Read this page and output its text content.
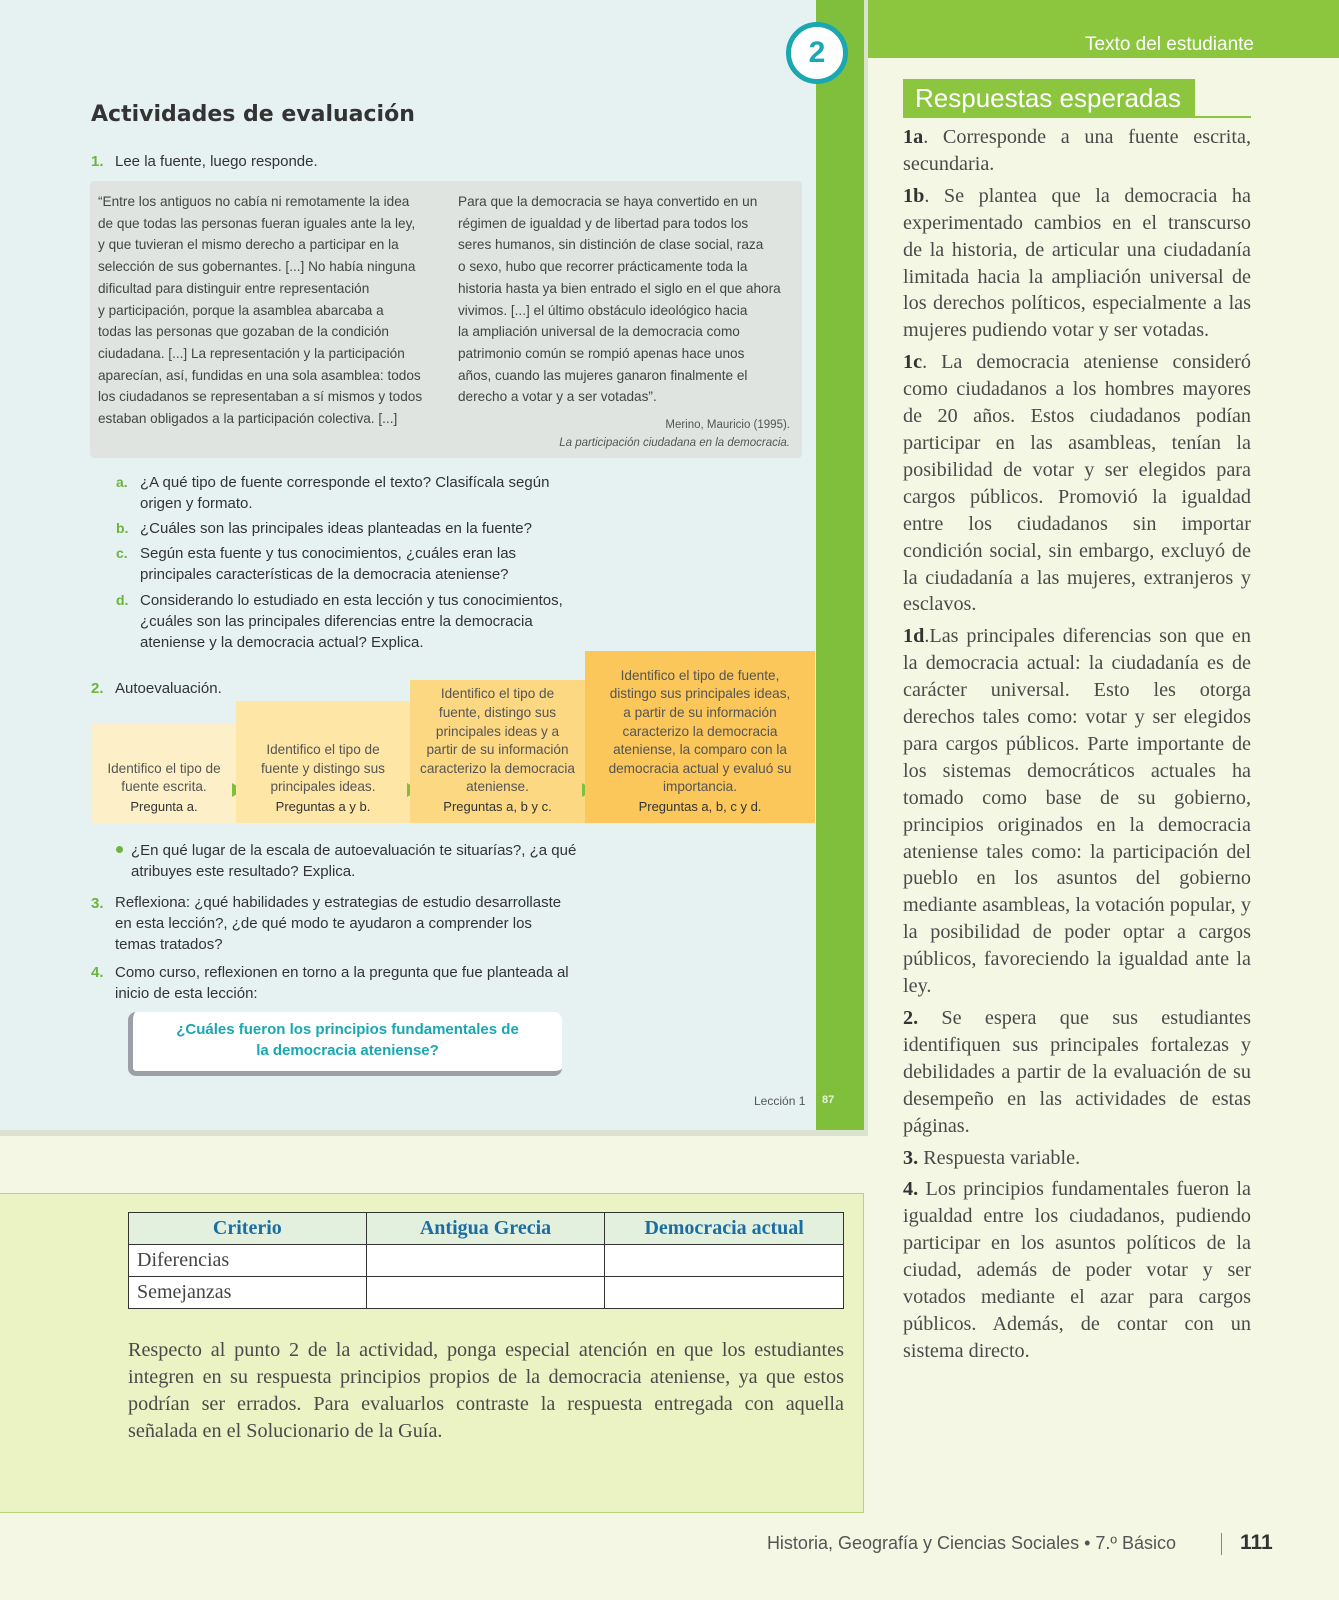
2
Actividades de evaluación
1. Lee la fuente, luego responde.
“Entre los antiguos no cabía ni remotamente la idea
de que todas las personas fueran iguales ante la ley,
y que tuvieran el mismo derecho a participar en la
selección de sus gobernantes. [...] No había ninguna
dificultad para distinguir entre representación
y participación, porque la asamblea abarcaba a
todas las personas que gozaban de la condición
ciudadana. [...] La representación y la participación
aparecían, así, fundidas en una sola asamblea: todos
los ciudadanos se representaban a sí mismos y todos
estaban obligados a la participación colectiva. [...]
Para que la democracia se haya convertido en un
régimen de igualdad y de libertad para todos los
seres humanos, sin distinción de clase social, raza
o sexo, hubo que recorrer prácticamente toda la
historia hasta ya bien entrado el siglo en el que ahora
vivimos. [...] el último obstáculo ideológico hacia
la ampliación universal de la democracia como
patrimonio común se rompió apenas hace unos
años, cuando las mujeres ganaron finalmente el
derecho a votar y a ser votadas”.
Merino, Mauricio (1995).
La participación ciudadana en la democracia.
a. ¿A qué tipo de fuente corresponde el texto? Clasifícala según
origen y formato.
b. ¿Cuáles son las principales ideas planteadas en la fuente?
c. Según esta fuente y tus conocimientos, ¿cuáles eran las
principales características de la democracia ateniense?
d. Considerando lo estudiado en esta lección y tus conocimientos,
¿cuáles son las principales diferencias entre la democracia
ateniense y la democracia actual? Explica.
2. Autoevaluación.
Identifico el tipo de
fuente escrita.
Pregunta a.
Identifico el tipo de
fuente y distingo sus
principales ideas.
Preguntas a y b.
Identifico el tipo de
fuente, distingo sus
principales ideas y a
partir de su información
caracterizo la democracia
ateniense.
Preguntas a, b y c.
Identifico el tipo de fuente,
distingo sus principales ideas,
a partir de su información
caracterizo la democracia
ateniense, la comparo con la
democracia actual y evaluó su
importancia.
Preguntas a, b, c y d.
¿En qué lugar de la escala de autoevaluación te situarías?, ¿a qué
atribuyes este resultado? Explica.
3. Reflexiona: ¿qué habilidades y estrategias de estudio desarrollaste
en esta lección?, ¿de qué modo te ayudaron a comprender los
temas tratados?
4. Como curso, reflexionen en torno a la pregunta que fue planteada al
inicio de esta lección:
¿Cuáles fueron los principios fundamentales de
la democracia ateniense?
Lección 1 87
Texto del estudiante
Respuestas esperadas

1a. Corresponde a una fuente escrita, secundaria.

1b. Se plantea que la democracia ha experimentado cambios en el transcurso de la historia, de articular una ciudadanía limitada hacia la ampliación universal de los derechos políticos, especialmente a las mujeres pudiendo votar y ser votadas.

1c. La democracia ateniense consideró como ciudadanos a los hombres mayores de 20 años. Estos ciudadanos podían participar en las asambleas, tenían la posibilidad de votar y ser elegidos para cargos públicos. Promovió la igualdad entre los ciudadanos sin importar condición social, sin embargo, excluyó de la ciudadanía a las mujeres, extranjeros y esclavos.

1d.Las principales diferencias son que en la democracia actual: la ciudadanía es de carácter universal. Esto les otorga derechos tales como: votar y ser elegidos para cargos públicos. Parte importante de los sistemas democráticos actuales ha tomado como base de su gobierno, principios originados en la democracia ateniense tales como: la participación del pueblo en los asuntos del gobierno mediante asambleas, la votación popular, y la posibilidad de poder optar a cargos públicos, favoreciendo la igualdad ante la ley.

2. Se espera que sus estudiantes identifiquen sus principales fortalezas y debilidades a partir de la evaluación de su desempeño en las actividades de estas páginas.

3. Respuesta variable.

4. Los principios fundamentales fueron la igualdad entre los ciudadanos, pudiendo participar en los asuntos políticos de la ciudad, además de poder votar y ser votados mediante el azar para cargos públicos. Además, de contar con un sistema directo.

Criterio	Antigua Grecia	Democracia actual
Diferencias		
Semejanzas		
Respecto al punto 2 de la actividad, ponga especial atención en que los estudiantes integren en su respuesta principios propios de la democracia ateniense, ya que estos podrían ser errados. Para evaluarlos contraste la respuesta entregada con aquella señalada en el Solucionario de la Guía.
Historia, Geografía y Ciencias Sociales • 7.º Básico	111
